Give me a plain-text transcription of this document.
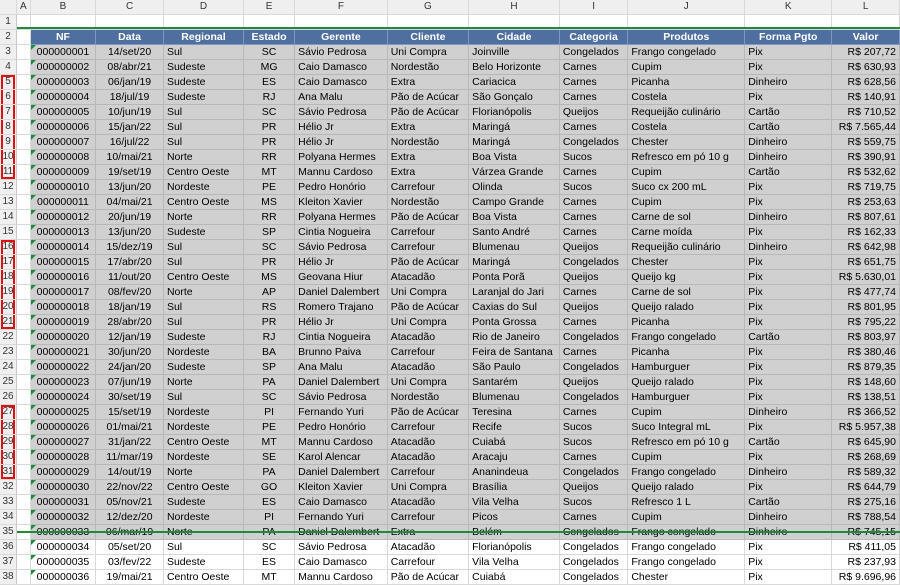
	A	B	C	D	E	F	G	H	I	J	K	L
1												
2		NF	Data	Regional	Estado	Gerente	Cliente	Cidade	Categoria	Produtos	Forma Pgto	Valor
3		000000001	14/set/20	Sul	SC	Sávio Pedrosa	Uni Compra	Joinville	Congelados	Frango congelado	Pix	R$ 207,72
4		000000002	08/abr/21	Sudeste	MG	Caio Damasco	Nordestão	Belo Horizonte	Carnes	Cupim	Pix	R$ 630,93
5		000000003	06/jan/19	Sudeste	ES	Caio Damasco	Extra	Cariacica	Carnes	Picanha	Dinheiro	R$ 628,56
6		000000004	18/jul/19	Sudeste	RJ	Ana Malu	Pão de Acúcar	São Gonçalo	Carnes	Costela	Pix	R$ 140,91
7		000000005	10/jun/19	Sul	SC	Sávio Pedrosa	Pão de Acúcar	Florianópolis	Queijos	Requeijão culinário	Cartão	R$ 710,52
8		000000006	15/jan/22	Sul	PR	Hélio Jr	Extra	Maringá	Carnes	Costela	Cartão	R$ 7.565,44
9		000000007	16/jul/22	Sul	PR	Hélio Jr	Nordestão	Maringá	Congelados	Chester	Dinheiro	R$ 559,75
10		000000008	10/mai/21	Norte	RR	Polyana Hermes	Extra	Boa Vista	Sucos	Refresco em pó 10 g	Dinheiro	R$ 390,91
11		000000009	19/set/19	Centro Oeste	MT	Mannu Cardoso	Extra	Várzea Grande	Carnes	Cupim	Cartão	R$ 532,62
12		000000010	13/jun/20	Nordeste	PE	Pedro Honório	Carrefour	Olinda	Sucos	Suco cx 200 mL	Pix	R$ 719,75
13		000000011	04/mai/21	Centro Oeste	MS	Kleiton Xavier	Nordestão	Campo Grande	Carnes	Cupim	Pix	R$ 253,63
14		000000012	20/jun/19	Norte	RR	Polyana Hermes	Pão de Acúcar	Boa Vista	Carnes	Carne de sol	Dinheiro	R$ 807,61
15		000000013	13/jun/20	Sudeste	SP	Cintia Nogueira	Carrefour	Santo André	Carnes	Carne moída	Pix	R$ 162,33
16		000000014	15/dez/19	Sul	SC	Sávio Pedrosa	Carrefour	Blumenau	Queijos	Requeijão culinário	Dinheiro	R$ 642,98
17		000000015	17/abr/20	Sul	PR	Hélio Jr	Pão de Acúcar	Maringá	Congelados	Chester	Pix	R$ 651,75
18		000000016	11/out/20	Centro Oeste	MS	Geovana Hiur	Atacadão	Ponta Porã	Queijos	Queijo kg	Pix	R$ 5.630,01
19		000000017	08/fev/20	Norte	AP	Daniel Dalembert	Uni Compra	Laranjal do Jari	Carnes	Carne de sol	Pix	R$ 477,74
20		000000018	18/jan/19	Sul	RS	Romero Trajano	Pão de Acúcar	Caxias do Sul	Queijos	Queijo ralado	Pix	R$ 801,95
21		000000019	28/abr/20	Sul	PR	Hélio Jr	Uni Compra	Ponta Grossa	Carnes	Picanha	Pix	R$ 795,22
22		000000020	12/jan/19	Sudeste	RJ	Cintia Nogueira	Atacadão	Rio de Janeiro	Congelados	Frango congelado	Cartão	R$ 803,97
23		000000021	30/jun/20	Nordeste	BA	Brunno Paiva	Carrefour	Feira de Santana	Carnes	Picanha	Pix	R$ 380,46
24		000000022	24/jan/20	Sudeste	SP	Ana Malu	Atacadão	São Paulo	Congelados	Hamburguer	Pix	R$ 879,35
25		000000023	07/jun/19	Norte	PA	Daniel Dalembert	Uni Compra	Santarém	Queijos	Queijo ralado	Pix	R$ 148,60
26		000000024	30/set/19	Sul	SC	Sávio Pedrosa	Nordestão	Blumenau	Congelados	Hamburguer	Pix	R$ 138,51
27		000000025	15/set/19	Nordeste	PI	Fernando Yuri	Pão de Acúcar	Teresina	Carnes	Cupim	Dinheiro	R$ 366,52
28		000000026	01/mai/21	Nordeste	PE	Pedro Honório	Carrefour	Recife	Sucos	Suco Integral mL	Pix	R$ 5.957,38
29		000000027	31/jan/22	Centro Oeste	MT	Mannu Cardoso	Atacadão	Cuiabá	Sucos	Refresco em pó 10 g	Cartão	R$ 645,90
30		000000028	11/mar/19	Nordeste	SE	Karol Alencar	Atacadão	Aracaju	Carnes	Cupim	Pix	R$ 268,69
31		000000029	14/out/19	Norte	PA	Daniel Dalembert	Carrefour	Ananindeua	Congelados	Frango congelado	Dinheiro	R$ 589,32
32		000000030	22/nov/22	Centro Oeste	GO	Kleiton Xavier	Uni Compra	Brasília	Queijos	Queijo ralado	Pix	R$ 644,79
33		000000031	05/nov/21	Sudeste	ES	Caio Damasco	Atacadão	Vila Velha	Sucos	Refresco 1 L	Cartão	R$ 275,16
34		000000032	12/dez/20	Nordeste	PI	Fernando Yuri	Carrefour	Picos	Carnes	Cupim	Dinheiro	R$ 788,54
35		000000033	06/mar/19	Norte	PA	Daniel Dalembert	Extra	Belém	Congelados	Frango congelado	Dinheiro	R$ 745,15
36		000000034	05/set/20	Sul	SC	Sávio Pedrosa	Atacadão	Florianópolis	Congelados	Frango congelado	Pix	R$ 411,05
37		000000035	03/fev/22	Sudeste	ES	Caio Damasco	Carrefour	Vila Velha	Congelados	Frango congelado	Pix	R$ 237,93
38		000000036	19/mai/21	Centro Oeste	MT	Mannu Cardoso	Pão de Acúcar	Cuiabá	Congelados	Chester	Pix	R$ 9.696,96
